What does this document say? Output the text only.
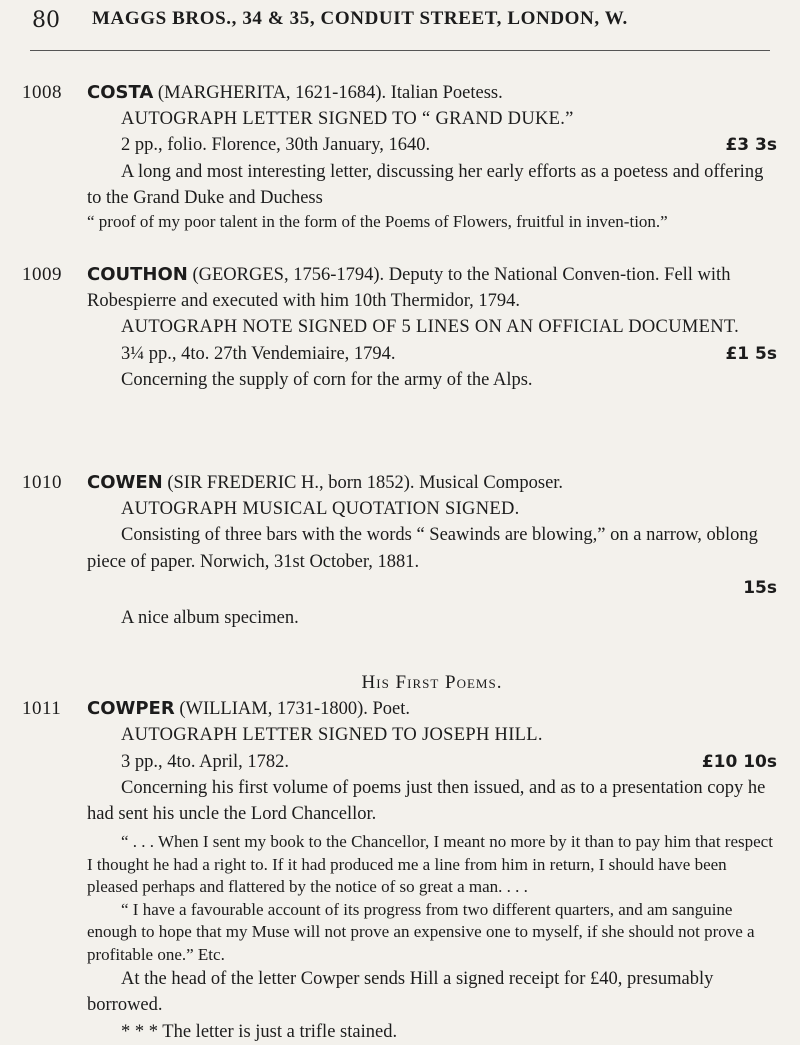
80 MAGGS BROS., 34 & 35, CONDUIT STREET, LONDON, W.
1008 COSTA (MARGHERITA, 1621-1684). Italian Poetess.

AUTOGRAPH LETTER SIGNED TO “ GRAND DUKE.”

£3 3s
2 pp., folio. Florence, 30th January, 1640.

A long and most interesting letter, discussing her early efforts as a poetess and offering to the Grand Duke and Duchess

“ proof of my poor talent in the form of the Poems of Flowers, fruitful in inven-tion.”

1009 COUTHON (GEORGES, 1756-1794). Deputy to the National Conven-tion. Fell with Robespierre and executed with him 10th Thermidor, 1794.

AUTOGRAPH NOTE SIGNED OF 5 LINES ON AN OFFICIAL DOCUMENT.

£1 5s
3¼ pp., 4to. 27th Vendemiaire, 1794.

Concerning the supply of corn for the army of the Alps.

1010 COWEN (SIR FREDERIC H., born 1852). Musical Composer.

AUTOGRAPH MUSICAL QUOTATION SIGNED.

Consisting of three bars with the words “ Seawinds are blowing,” on a narrow, oblong piece of paper. Norwich, 31st October, 1881.

15s

A nice album specimen.

1011

His First Poems.

COWPER (WILLIAM, 1731-1800). Poet.

AUTOGRAPH LETTER SIGNED TO JOSEPH HILL.

£10 10s
3 pp., 4to. April, 1782.

Concerning his first volume of poems just then issued, and as to a presentation copy he had sent his uncle the Lord Chancellor.

“ . . . When I sent my book to the Chancellor, I meant no more by it than to pay him that respect I thought he had a right to. If it had produced me a line from him in return, I should have been pleased perhaps and flattered by the notice of so great a man. . . .

“ I have a favourable account of its progress from two different quarters, and am sanguine enough to hope that my Muse will not prove an expensive one to myself, if she should not prove a profitable one.” Etc.

At the head of the letter Cowper sends Hill a signed receipt for £40, presumably borrowed.

* * * The letter is just a trifle stained.
